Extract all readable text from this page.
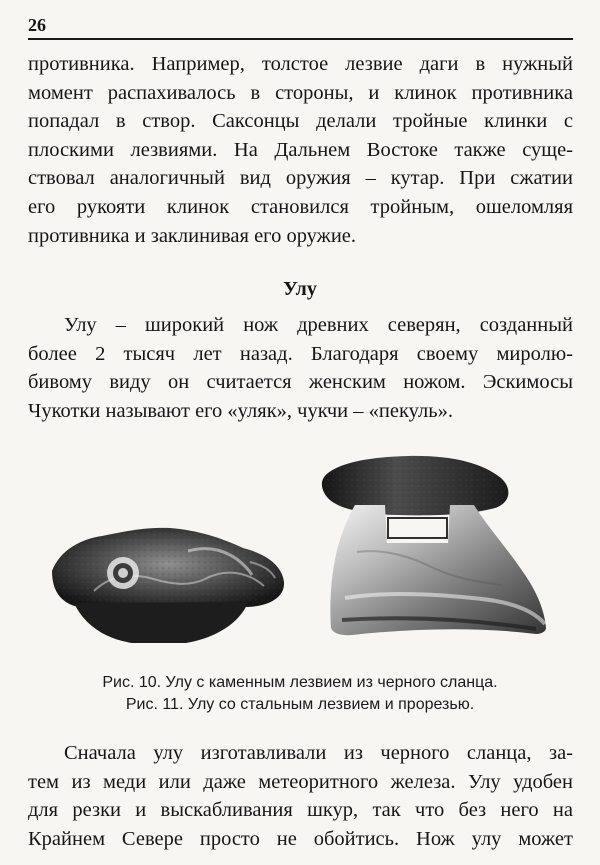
26
противника. Например, толстое лезвие даги в нужный
момент распахивалось в стороны, и клинок противника
попадал в створ. Саксонцы делали тройные клинки с
плоскими лезвиями. На Дальнем Востоке также суще-
ствовал аналогичный вид оружия – кутар. При сжатии
его рукояти клинок становился тройным, ошеломляя
противника и заклинивая его оружие.
Улу
Улу – широкий нож древних северян, созданный
более 2 тысяч лет назад. Благодаря своему миролю-
бивому виду он считается женским ножом. Эскимосы
Чукотки называют его «уляк», чукчи – «пекуль».
Рис. 10. Улу с каменным лезвием из черного сланца.
Рис. 11. Улу со стальным лезвием и прорезью.
Сначала улу изготавливали из черного сланца, за-
тем из меди или даже метеоритного железа. Улу удобен
для резки и выскабливания шкур, так что без него на
Крайнем Севере просто не обойтись. Нож улу может
